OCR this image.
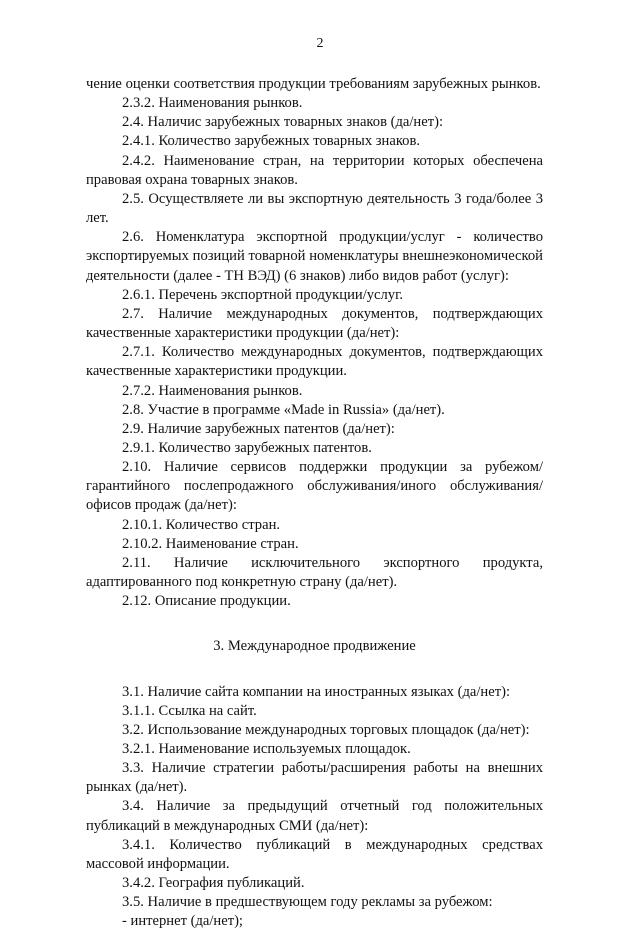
2

чение оценки соответствия продукции требованиям зарубежных рынков.

2.3.2. Наименования рынков.

2.4. Наличис зарубежных товарных знаков (да/нет):

2.4.1. Количество зарубежных товарных знаков.

2.4.2. Наименование стран, на территории которых обеспечена правовая охрана товарных знаков.

2.5. Осуществляете ли вы экспортную деятельность 3 года/более 3 лет.

2.6. Номенклатура экспортной продукции/услуг - количество экспортируемых позиций товарной номенклатуры внешнеэкономической деятельности (далее - ТН ВЭД) (6 знаков) либо видов работ (услуг):

2.6.1. Перечень экспортной продукции/услуг.

2.7. Наличие международных документов, подтверждающих качественные характеристики продукции (да/нет):

2.7.1. Количество международных документов, подтверждающих качественные характеристики продукции.

2.7.2. Наименования рынков.

2.8. Участие в программе «Made in Russia» (да/нет).

2.9. Наличие зарубежных патентов (да/нет):

2.9.1. Количество зарубежных патентов.

2.10. Наличие сервисов поддержки продукции за рубежом/гарантийного послепродажного обслуживания/иного обслуживания/офисов продаж (да/нет):

2.10.1. Количество стран.

2.10.2. Наименование стран.

2.11. Наличие исключительного экспортного продукта, адаптированного под конкретную страну (да/нет).

2.12. Описание продукции.

3. Международное продвижение

3.1. Наличие сайта компании на иностранных языках (да/нет):

3.1.1. Ссылка на сайт.

3.2. Использование международных торговых площадок (да/нет):

3.2.1. Наименование используемых площадок.

3.3. Наличие стратегии работы/расширения работы на внешних рынках (да/нет).

3.4. Наличие за предыдущий отчетный год положительных публикаций в международных СМИ (да/нет):

3.4.1. Количество публикаций в международных средствах массовой информации.

3.4.2. География публикаций.

3.5. Наличие в предшествующем году рекламы за рубежом:

- интернет (да/нет);
